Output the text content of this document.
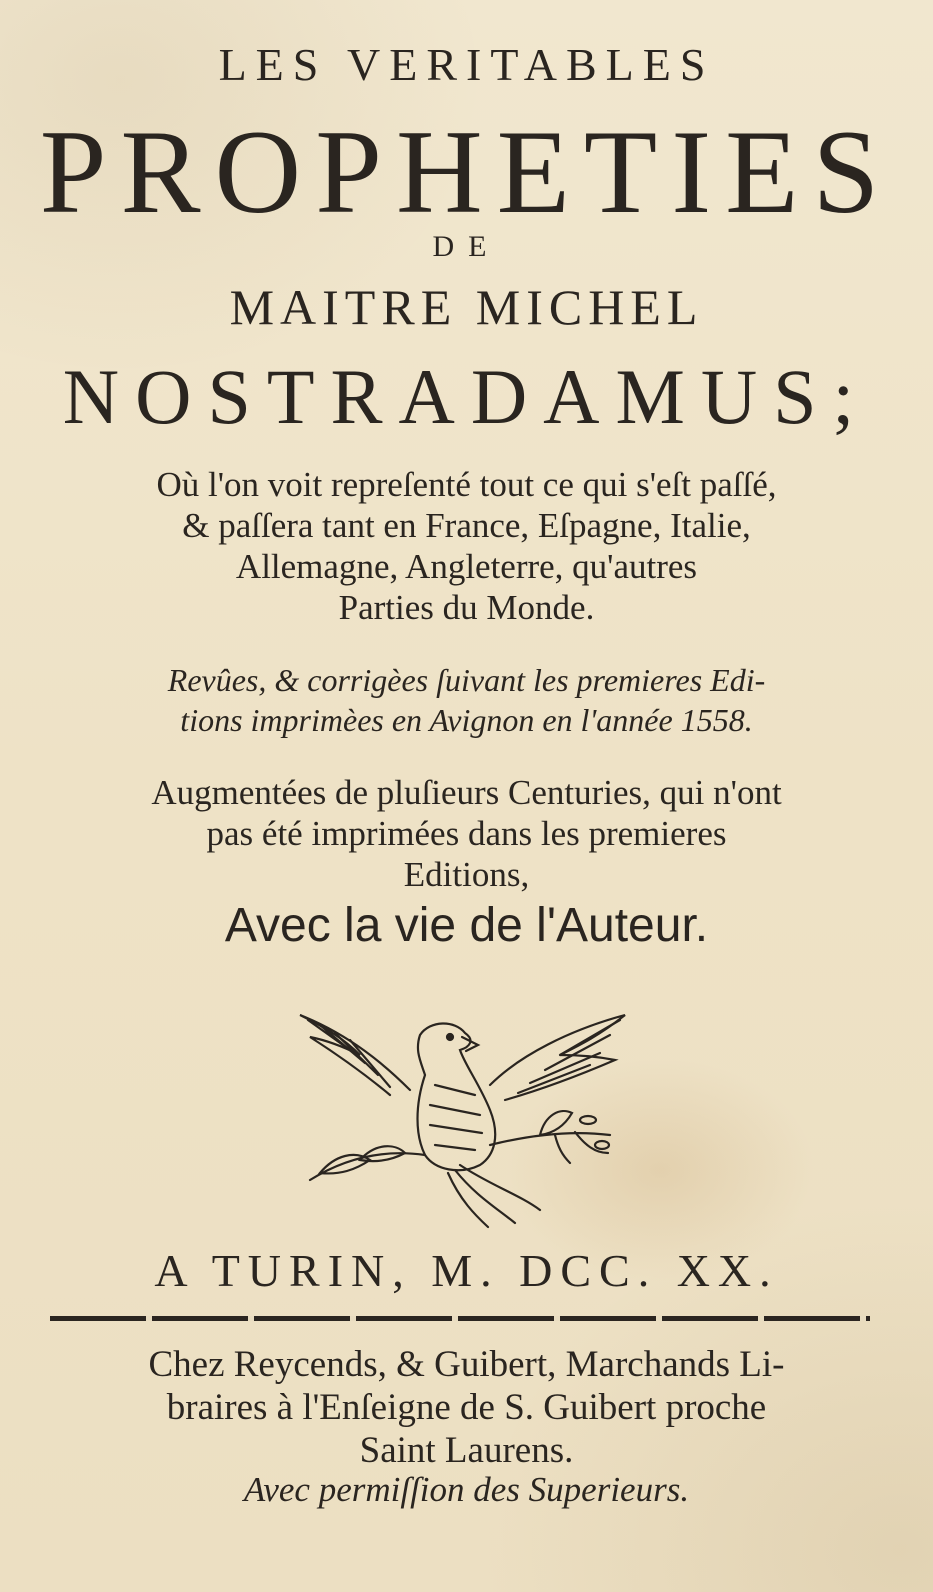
LES VERITABLES
PROPHETIES
DE
MAITRE MICHEL
NOSTRADAMUS;
Où l'on voit repreſenté tout ce qui s'eſt paſſé,
& paſſera tant en France, Eſpagne, Italie,
Allemagne, Angleterre, qu'autres
Parties du Monde.
Revûes, & corrigèes ſuivant les premieres Edi-
tions imprimèes en Avignon en l'année 1558.
Augmentées de pluſieurs Centuries, qui n'ont
pas été imprimées dans les premieres
Editions,
Avec la vie de l'Auteur.
A TURIN, M. DCC. XX.
Chez Reycends, & Guibert, Marchands Li-
braires à l'Enſeigne de S. Guibert proche
Saint Laurens.
Avec permiſſion des Superieurs.
